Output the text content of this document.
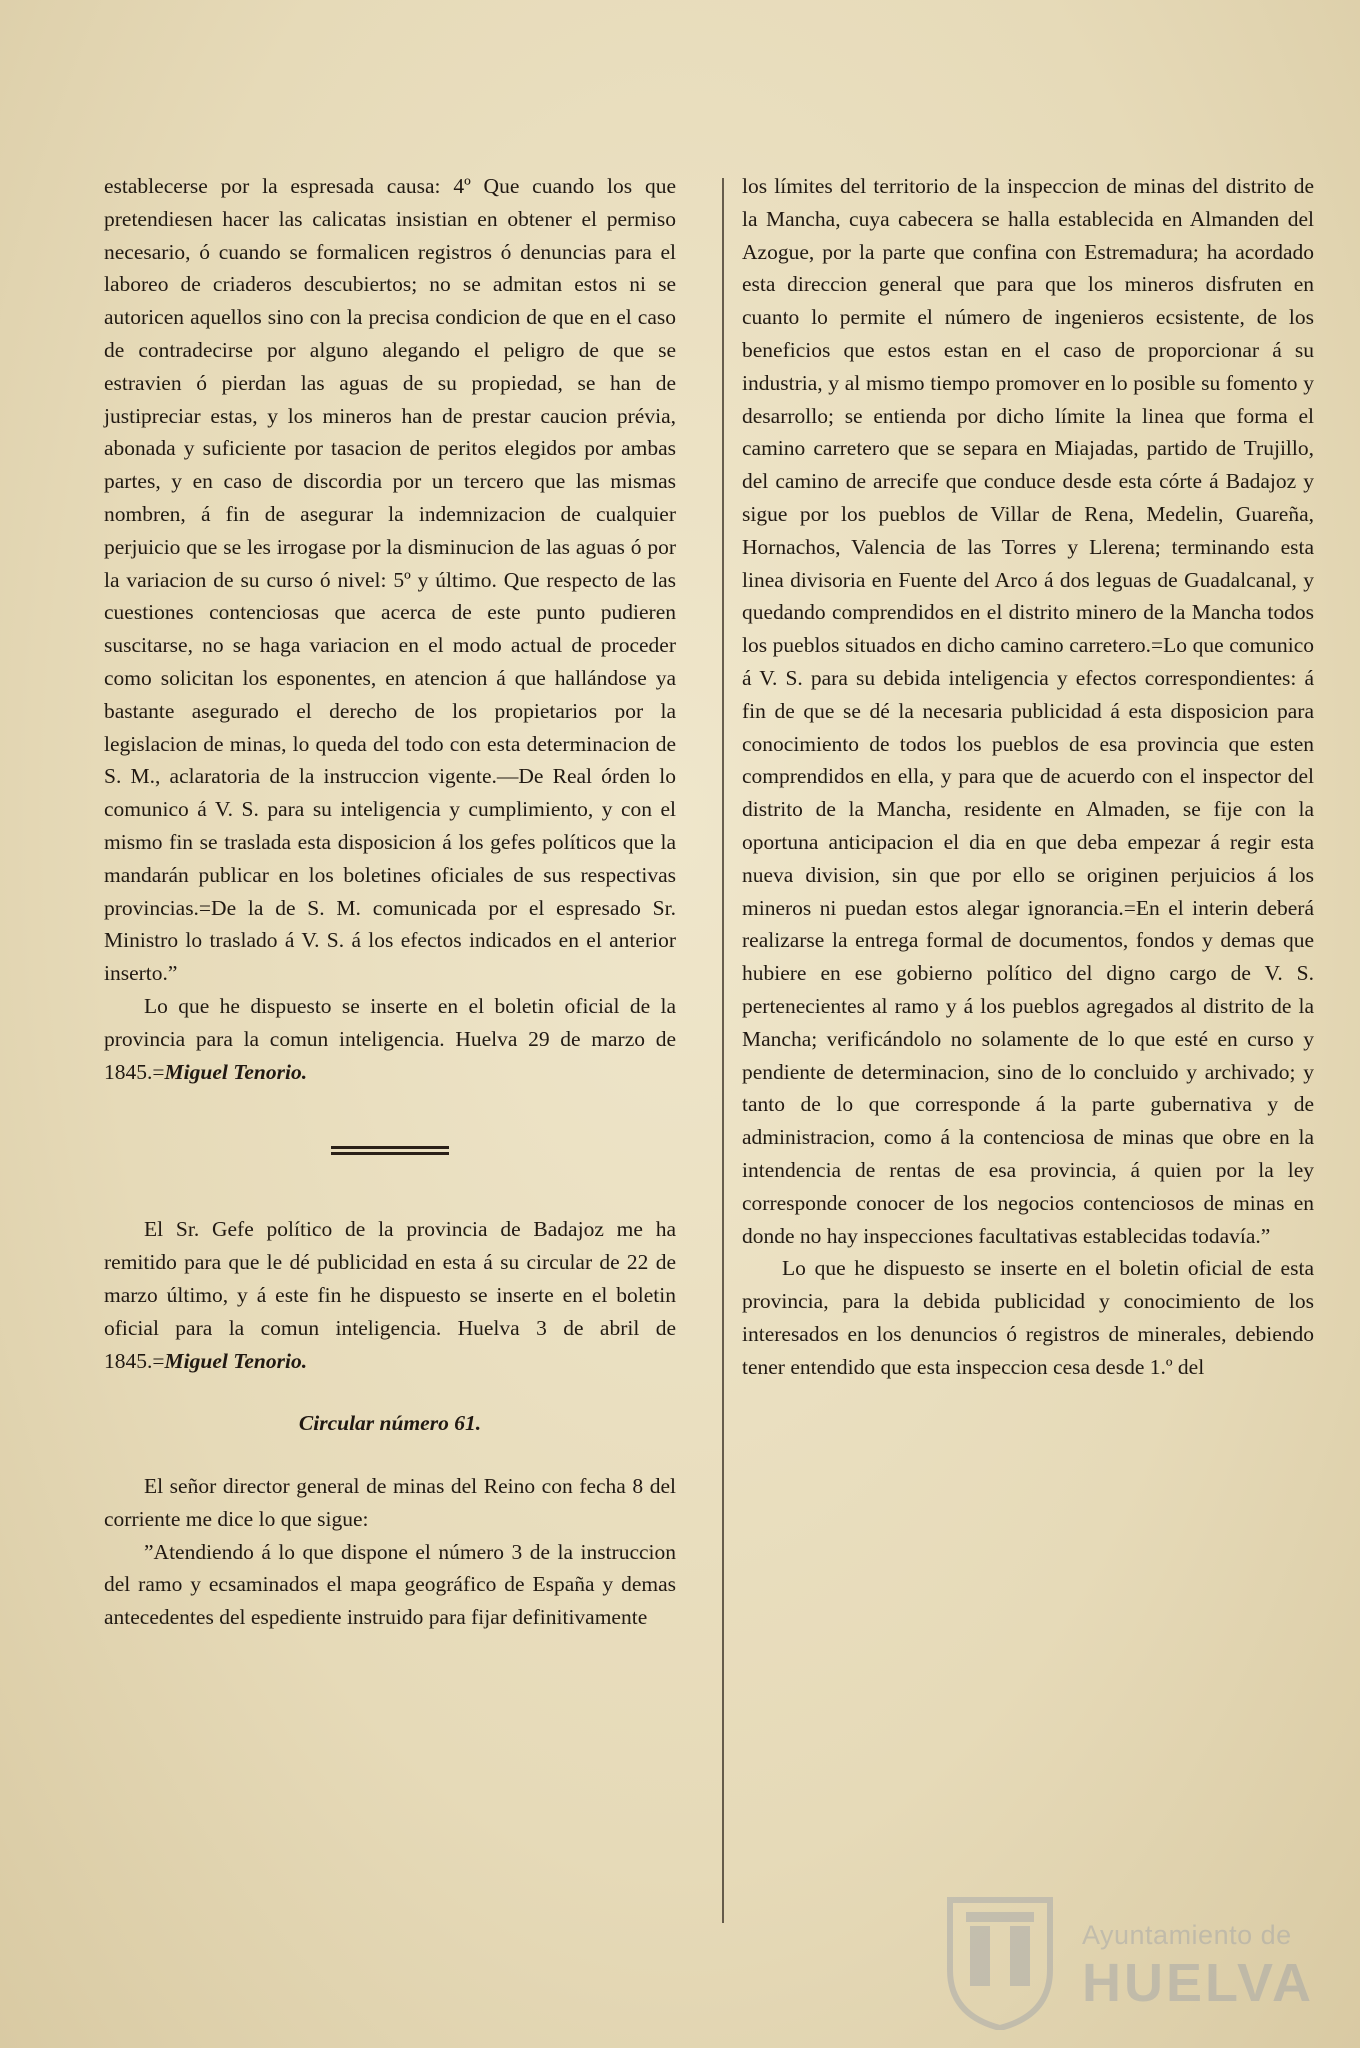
establecerse por la espresada causa: 4º Que cuando los que pretendiesen hacer las calicatas insistian en obtener el permiso necesario, ó cuando se formalicen registros ó denuncias para el laboreo de criaderos descubiertos; no se admitan estos ni se autoricen aquellos sino con la precisa condicion de que en el caso de contradecirse por alguno alegando el peligro de que se estravien ó pierdan las aguas de su propiedad, se han de justipreciar estas, y los mineros han de prestar caucion prévia, abonada y suficiente por tasacion de peritos elegidos por ambas partes, y en caso de discordia por un tercero que las mismas nombren, á fin de asegurar la indemnizacion de cualquier perjuicio que se les irrogase por la disminucion de las aguas ó por la variacion de su curso ó nivel: 5º y último. Que respecto de las cuestiones contenciosas que acerca de este punto pudieren suscitarse, no se haga variacion en el modo actual de proceder como solicitan los esponentes, en atencion á que hallándose ya bastante asegurado el derecho de los propietarios por la legislacion de minas, lo queda del todo con esta determinacion de S. M., aclaratoria de la instruccion vigente.—De Real órden lo comunico á V. S. para su inteligencia y cumplimiento, y con el mismo fin se traslada esta disposicion á los gefes políticos que la mandarán publicar en los boletines oficiales de sus respectivas provincias.=De la de S. M. comunicada por el espresado Sr. Ministro lo traslado á V. S. á los efectos indicados en el anterior inserto.”

Lo que he dispuesto se inserte en el boletin oficial de la provincia para la comun inteligencia. Huelva 29 de marzo de 1845.=Miguel Tenorio.

El Sr. Gefe político de la provincia de Badajoz me ha remitido para que le dé publicidad en esta á su circular de 22 de marzo último, y á este fin he dispuesto se inserte en el boletin oficial para la comun inteligencia. Huelva 3 de abril de 1845.=Miguel Tenorio.

Circular número 61.

El señor director general de minas del Reino con fecha 8 del corriente me dice lo que sigue:

”Atendiendo á lo que dispone el número 3 de la instruccion del ramo y ecsaminados el mapa geográfico de España y demas antecedentes del espediente instruido para fijar definitivamente

los límites del territorio de la inspeccion de minas del distrito de la Mancha, cuya cabecera se halla establecida en Almanden del Azogue, por la parte que confina con Estremadura; ha acordado esta direccion general que para que los mineros disfruten en cuanto lo permite el número de ingenieros ecsistente, de los beneficios que estos estan en el caso de proporcionar á su industria, y al mismo tiempo promover en lo posible su fomento y desarrollo; se entienda por dicho límite la linea que forma el camino carretero que se separa en Miajadas, partido de Trujillo, del camino de arrecife que conduce desde esta córte á Badajoz y sigue por los pueblos de Villar de Rena, Medelin, Guareña, Hornachos, Valencia de las Torres y Llerena; terminando esta linea divisoria en Fuente del Arco á dos leguas de Guadalcanal, y quedando comprendidos en el distrito minero de la Mancha todos los pueblos situados en dicho camino carretero.=Lo que comunico á V. S. para su debida inteligencia y efectos correspondientes: á fin de que se dé la necesaria publicidad á esta disposicion para conocimiento de todos los pueblos de esa provincia que esten comprendidos en ella, y para que de acuerdo con el inspector del distrito de la Mancha, residente en Almaden, se fije con la oportuna anticipacion el dia en que deba empezar á regir esta nueva division, sin que por ello se originen perjuicios á los mineros ni puedan estos alegar ignorancia.=En el interin deberá realizarse la entrega formal de documentos, fondos y demas que hubiere en ese gobierno político del digno cargo de V. S. pertenecientes al ramo y á los pueblos agregados al distrito de la Mancha; verificándolo no solamente de lo que esté en curso y pendiente de determinacion, sino de lo concluido y archivado; y tanto de lo que corresponde á la parte gubernativa y de administracion, como á la contenciosa de minas que obre en la intendencia de rentas de esa provincia, á quien por la ley corresponde conocer de los negocios contenciosos de minas en donde no hay inspecciones facultativas establecidas todavía.”

Lo que he dispuesto se inserte en el boletin oficial de esta provincia, para la debida publicidad y conocimiento de los interesados en los denuncios ó registros de minerales, debiendo tener entendido que esta inspeccion cesa desde 1.º del

Ayuntamiento de
HUELVA
